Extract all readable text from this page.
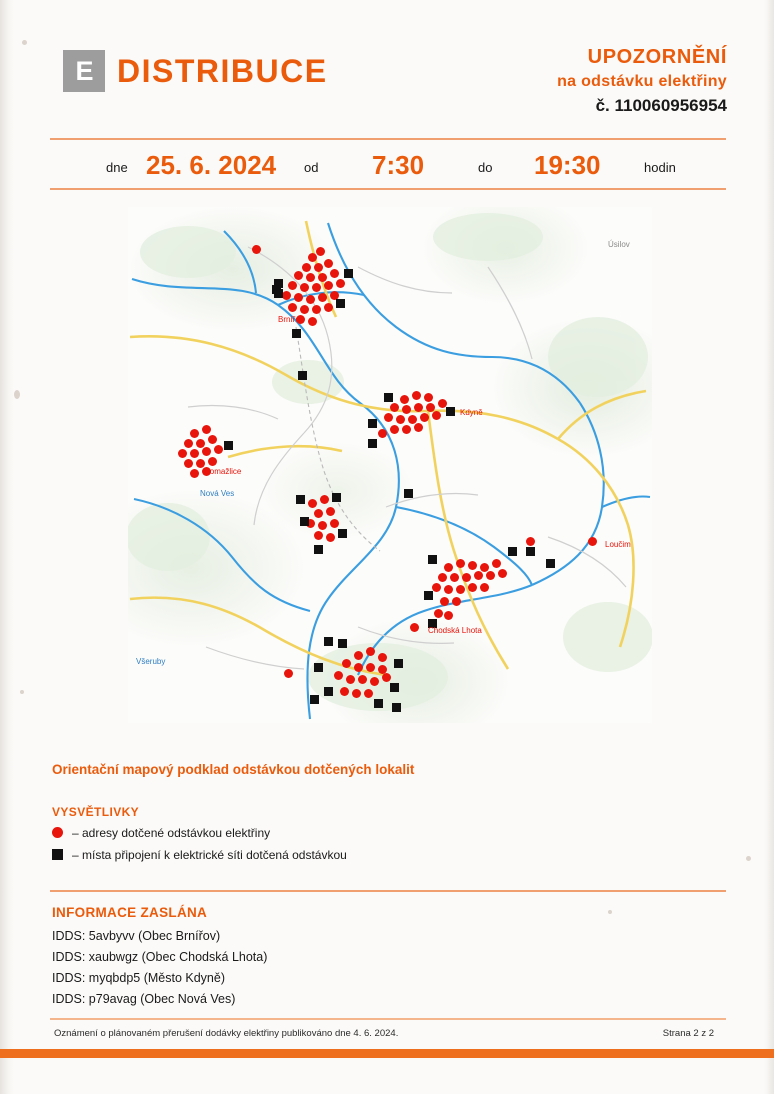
E DISTRIBUCE	UPOZORNĚNÍ
na odstávku elektřiny
č. 110060956954
dne 25. 6. 2024 od 7:30	do 19:30	hodin
Brnířov
Kdyně
Domažlice
Chodská Lhota
Loučim
Nová Ves
Všeruby
Úsilov
Orientační mapový podklad odstávkou dotčených lokalit
VYSVĚTLIVKY
– adresy dotčené odstávkou elektřiny
– místa připojení k elektrické síti dotčená odstávkou
INFORMACE ZASLÁNA
IDDS: 5avbyvv (Obec Brnířov)
IDDS: xaubwgz (Obec Chodská Lhota)
IDDS: myqbdp5 (Město Kdyně)
IDDS: p79avag (Obec Nová Ves)
Oznámení o plánovaném přerušení dodávky elektřiny publikováno dne 4. 6. 2024.	Strana 2 z 2
